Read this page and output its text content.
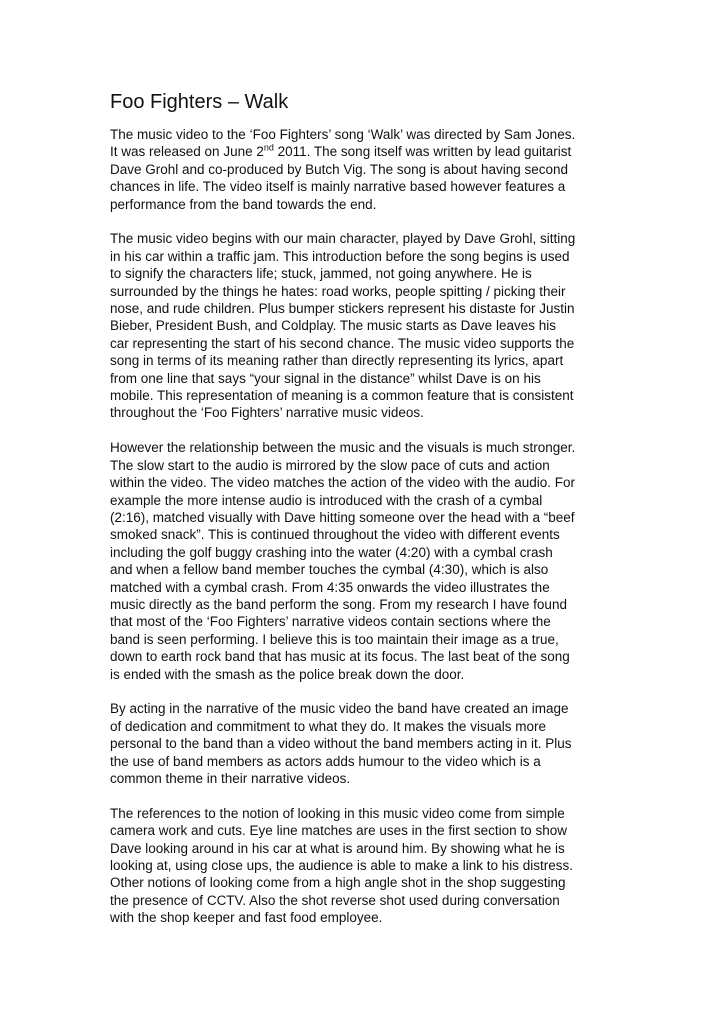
Foo Fighters – Walk

The music video to the ‘Foo Fighters’ song ‘Walk’ was directed by Sam Jones.
It was released on June 2nd 2011. The song itself was written by lead guitarist
Dave Grohl and co-produced by Butch Vig. The song is about having second
chances in life. The video itself is mainly narrative based however features a
performance from the band towards the end.

The music video begins with our main character, played by Dave Grohl, sitting
in his car within a traffic jam. This introduction before the song begins is used
to signify the characters life; stuck, jammed, not going anywhere. He is
surrounded by the things he hates: road works, people spitting / picking their
nose, and rude children. Plus bumper stickers represent his distaste for Justin
Bieber, President Bush, and Coldplay. The music starts as Dave leaves his
car representing the start of his second chance. The music video supports the
song in terms of its meaning rather than directly representing its lyrics, apart
from one line that says “your signal in the distance” whilst Dave is on his
mobile. This representation of meaning is a common feature that is consistent
throughout the ‘Foo Fighters’ narrative music videos.

However the relationship between the music and the visuals is much stronger.
The slow start to the audio is mirrored by the slow pace of cuts and action
within the video. The video matches the action of the video with the audio. For
example the more intense audio is introduced with the crash of a cymbal
(2:16), matched visually with Dave hitting someone over the head with a “beef
smoked snack”. This is continued throughout the video with different events
including the golf buggy crashing into the water (4:20) with a cymbal crash
and when a fellow band member touches the cymbal (4:30), which is also
matched with a cymbal crash. From 4:35 onwards the video illustrates the
music directly as the band perform the song. From my research I have found
that most of the ‘Foo Fighters’ narrative videos contain sections where the
band is seen performing. I believe this is too maintain their image as a true,
down to earth rock band that has music at its focus. The last beat of the song
is ended with the smash as the police break down the door.

By acting in the narrative of the music video the band have created an image
of dedication and commitment to what they do. It makes the visuals more
personal to the band than a video without the band members acting in it. Plus
the use of band members as actors adds humour to the video which is a
common theme in their narrative videos.

The references to the notion of looking in this music video come from simple
camera work and cuts. Eye line matches are uses in the first section to show
Dave looking around in his car at what is around him. By showing what he is
looking at, using close ups, the audience is able to make a link to his distress.
Other notions of looking come from a high angle shot in the shop suggesting
the presence of CCTV. Also the shot reverse shot used during conversation
with the shop keeper and fast food employee.
